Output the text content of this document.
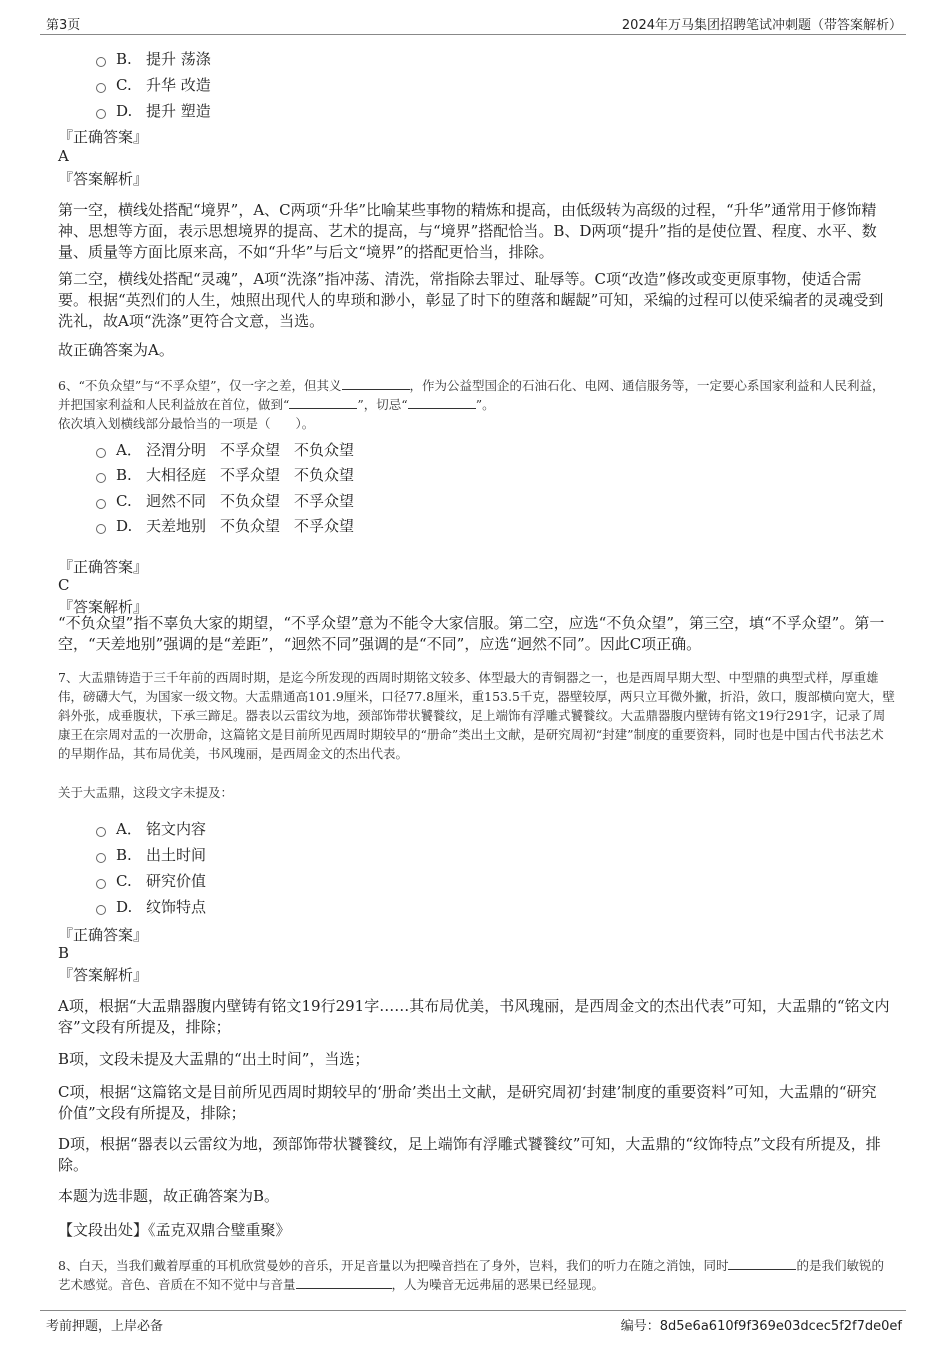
第3页	2024年万马集团招聘笔试冲刺题（带答案解析）
B. 提升 荡涤
C. 升华 改造
D. 提升 塑造
『正确答案』
A
『答案解析』

第一空，横线处搭配“境界”，A、C两项“升华”比喻某些事物的精炼和提高，由低级转为高级的过程，“升华”通常用于修饰精神、思想等方面，表示思想境界的提高、艺术的提高，与“境界”搭配恰当。B、D两项“提升”指的是使位置、程度、水平、数量、质量等方面比原来高，不如“升华”与后文“境界”的搭配更恰当，排除。

第二空，横线处搭配“灵魂”，A项“洗涤”指冲荡、清洗，常指除去罪过、耻辱等。C项“改造”修改或变更原事物，使适合需要。根据“英烈们的人生，烛照出现代人的卑琐和渺小，彰显了时下的堕落和龌龊”可知，采编的过程可以使采编者的灵魂受到洗礼，故A项“洗涤”更符合文意，当选。

故正确答案为A。

6、“不负众望”与“不孚众望”，仅一字之差，但其义	，作为公益型国企的石油石化、电网、通信服务等，一定要心系国家利益和人民利益，并把国家利益和人民利益放在首位，做到“	”，切忌“	”。
依次填入划横线部分最恰当的一项是（　　）。

A． 泾渭分明 不孚众望 不负众望
B. 大相径庭 不孚众望 不负众望
C. 迥然不同 不负众望 不孚众望
D. 天差地别 不负众望 不孚众望
『正确答案』
C
『答案解析』

“不负众望”指不辜负大家的期望，“不孚众望”意为不能令大家信服。第二空，应选“不负众望”，第三空，填“不孚众望”。第一空，“天差地别”强调的是“差距”，“迥然不同”强调的是“不同”，应选“迥然不同”。因此C项正确。

7、大盂鼎铸造于三千年前的西周时期，是迄今所发现的西周时期铭文较多、体型最大的青铜器之一，也是西周早期大型、中型鼎的典型式样，厚重雄伟，磅礴大气，为国家一级文物。大盂鼎通高101.9厘米，口径77.8厘米，重153.5千克，器壁较厚，两只立耳微外撇，折沿，敛口，腹部横向宽大，壁斜外张，成垂腹状，下承三蹄足。器表以云雷纹为地，颈部饰带状饕餮纹，足上端饰有浮雕式饕餮纹。大盂鼎器腹内壁铸有铭文19行291字，记录了周康王在宗周对盂的一次册命，这篇铭文是目前所见西周时期较早的“册命”类出土文献，是研究周初“封建”制度的重要资料，同时也是中国古代书法艺术的早期作品，其布局优美，书风瑰丽，是西周金文的杰出代表。

关于大盂鼎，这段文字未提及：

A． 铭文内容
B. 出土时间
C. 研究价值
D. 纹饰特点
『正确答案』
B
『答案解析』

A项，根据“大盂鼎器腹内壁铸有铭文19行291字……其布局优美，书风瑰丽，是西周金文的杰出代表”可知，大盂鼎的“铭文内容”文段有所提及，排除；

B项，文段未提及大盂鼎的“出土时间”，当选；

C项，根据“这篇铭文是目前所见西周时期较早的‘册命’类出土文献，是研究周初‘封建’制度的重要资料”可知，大盂鼎的“研究价值”文段有所提及，排除；

D项，根据“器表以云雷纹为地，颈部饰带状饕餮纹，足上端饰有浮雕式饕餮纹”可知，大盂鼎的“纹饰特点”文段有所提及，排除。

本题为选非题，故正确答案为B。

【文段出处】《孟克双鼎合璧重聚》

8、白天，当我们戴着厚重的耳机欣赏曼妙的音乐，开足音量以为把噪音挡在了身外，岂料，我们的听力在随之消蚀，同时	的是我们敏锐的艺术感觉。音色、音质在不知不觉中与音量	，人为噪音无远弗届的恶果已经显现。

考前押题，上岸必备	编号：8d5e6a610f9f369e03dcec5f2f7de0ef
